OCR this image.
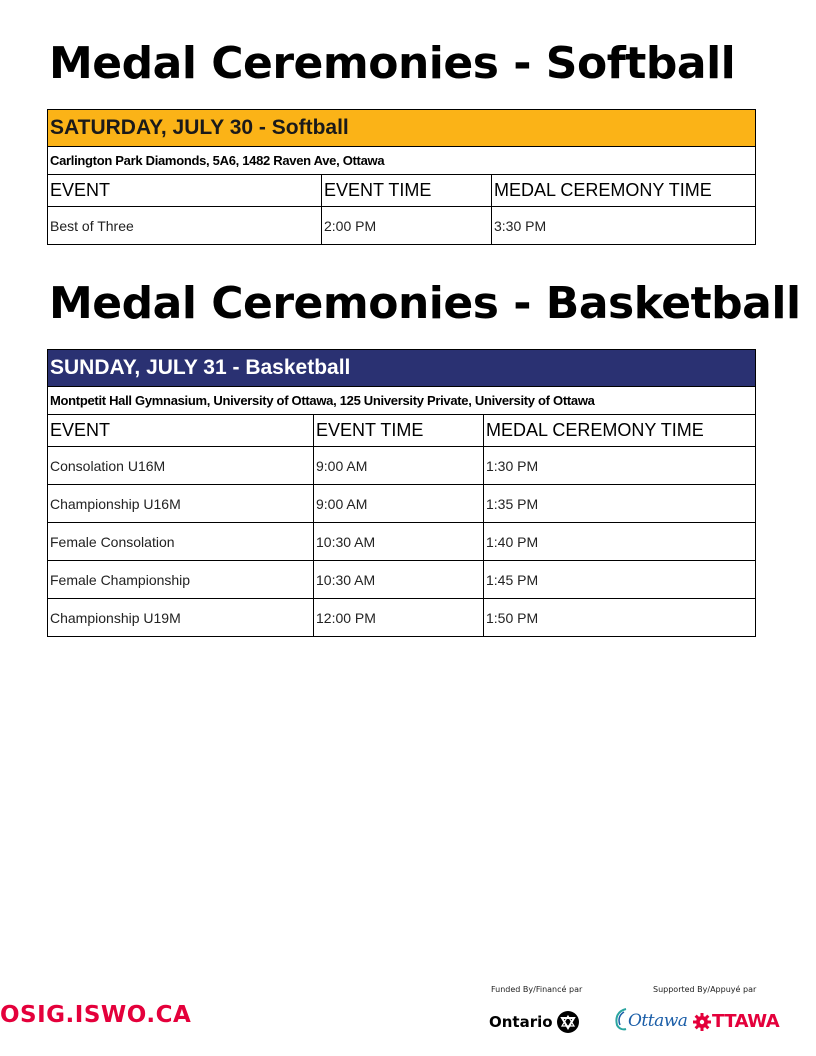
Medal Ceremonies - Softball
SATURDAY, JULY 30 - Softball		
Carlington Park Diamonds, 5A6, 1482 Raven Ave, Ottawa		
EVENT	EVENT TIME	MEDAL CEREMONY TIME
Best of Three	2:00 PM	3:30 PM
Medal Ceremonies - Basketball
SUNDAY, JULY 31 - Basketball		
Montpetit Hall Gymnasium, University of Ottawa, 125 University Private, University of Ottawa		
EVENT	EVENT TIME	MEDAL CEREMONY TIME
Consolation U16M	9:00 AM	1:30 PM
Championship U16M	9:00 AM	1:35 PM
Female Consolation	10:30 AM	1:40 PM
Female Championship	10:30 AM	1:45 PM
Championship U19M	12:00 PM	1:50 PM
OSIG.ISWO.CA
Funded By/Financé par	Supported By/Appuyé par
Ontario	Ottawa TTAWA
